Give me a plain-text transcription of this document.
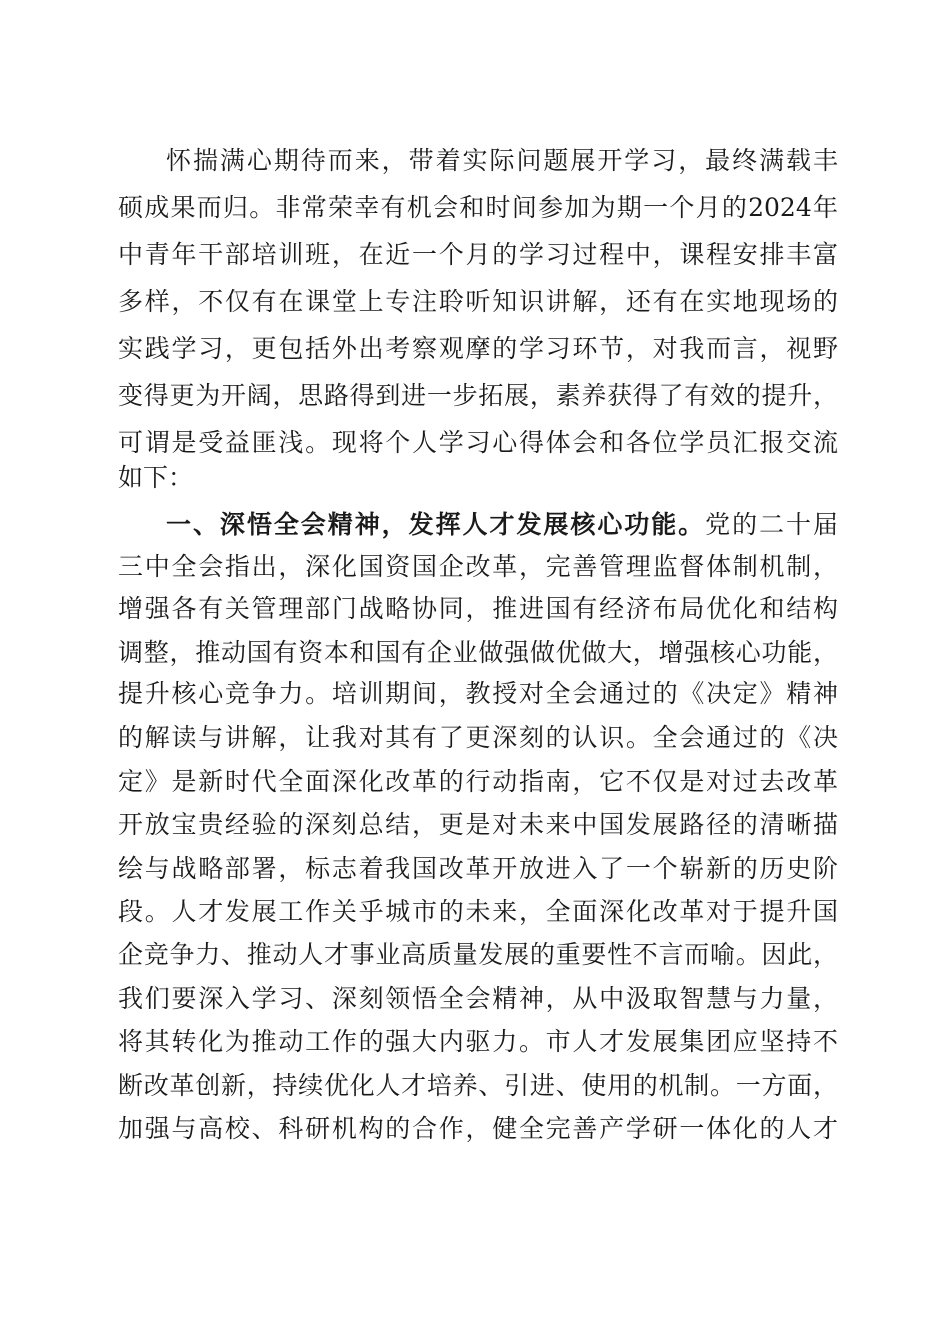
怀揣满心期待而来，带着实际问题展开学习，最终满载丰
硕成果而归。非常荣幸有机会和时间参加为期一个月的2024年
中青年干部培训班，在近一个月的学习过程中，课程安排丰富
多样，不仅有在课堂上专注聆听知识讲解，还有在实地现场的
实践学习，更包括外出考察观摩的学习环节，对我而言，视野
变得更为开阔，思路得到进一步拓展，素养获得了有效的提升，
可谓是受益匪浅。现将个人学习心得体会和各位学员汇报交流
如下：
一、深悟全会精神，发挥人才发展核心功能。党的二十届
三中全会指出，深化国资国企改革，完善管理监督体制机制，
增强各有关管理部门战略协同，推进国有经济布局优化和结构
调整，推动国有资本和国有企业做强做优做大，增强核心功能，
提升核心竞争力。培训期间，教授对全会通过的《决定》精神
的解读与讲解，让我对其有了更深刻的认识。全会通过的《决
定》是新时代全面深化改革的行动指南，它不仅是对过去改革
开放宝贵经验的深刻总结，更是对未来中国发展路径的清晰描
绘与战略部署，标志着我国改革开放进入了一个崭新的历史阶
段。人才发展工作关乎城市的未来，全面深化改革对于提升国
企竞争力、推动人才事业高质量发展的重要性不言而喻。因此，
我们要深入学习、深刻领悟全会精神，从中汲取智慧与力量，
将其转化为推动工作的强大内驱力。市人才发展集团应坚持不
断改革创新，持续优化人才培养、引进、使用的机制。一方面，
加强与高校、科研机构的合作，健全完善产学研一体化的人才
